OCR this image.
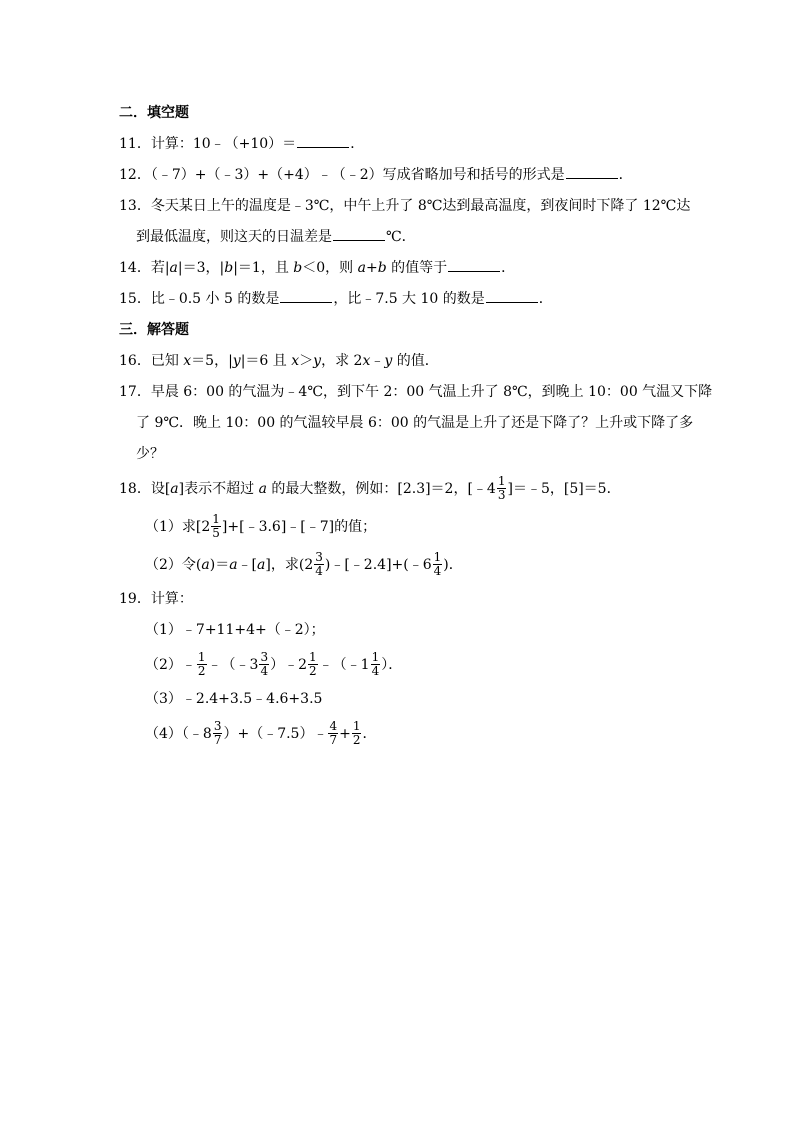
二．填空题
11．计算：10﹣（+10）＝	．
12．（﹣7）+（﹣3）+（+4）﹣（﹣2）写成省略加号和括号的形式是	．
13．冬天某日上午的温度是﹣3℃，中午上升了 8℃达到最高温度，到夜间时下降了 12℃达
到最低温度，则这天的日温差是	℃．
14．若|a|＝3，|b|＝1，且 b＜0，则 a+b 的值等于	．
15．比﹣0.5 小 5 的数是	，比﹣7.5 大 10 的数是	．
三．解答题
16．已知 x＝5，|y|＝6 且 x＞y，求 2x﹣y 的值．
17．早晨 6：00 的气温为﹣4℃，到下午 2：00 气温上升了 8℃，到晚上 10：00 气温又下降
了 9℃．晚上 10：00 的气温较早晨 6：00 的气温是上升了还是下降了？上升或下降了多
少？
18．设[a]表示不超过 a 的最大整数，例如：[2.3]＝2，[﹣4 $\frac{1}{3}$ ]＝﹣5，[5]＝5．
（1）求[$2 \frac{1}{5}$ ]+[﹣3.6]﹣[﹣7]的值；
（2）令(a)＝a﹣[a]，求($2 \frac{3}{4}$ )﹣[﹣2.4]+(﹣6 $\frac{1}{4}$ )．
19．计算：
（1）﹣7+11+4+（﹣2）；
（2）﹣ $\frac{1}{2}$ ﹣（﹣3 $\frac{3}{4}$ ）﹣2 $\frac{1}{2}$ ﹣（﹣1 $\frac{1}{4}$ ）．
（3）﹣2.4+3.5﹣4.6+3.5
（4）（﹣8 $\frac{3}{7}$ ）+（﹣7.5）﹣ $\frac{4}{7} + \frac{1}{2}$ ．
